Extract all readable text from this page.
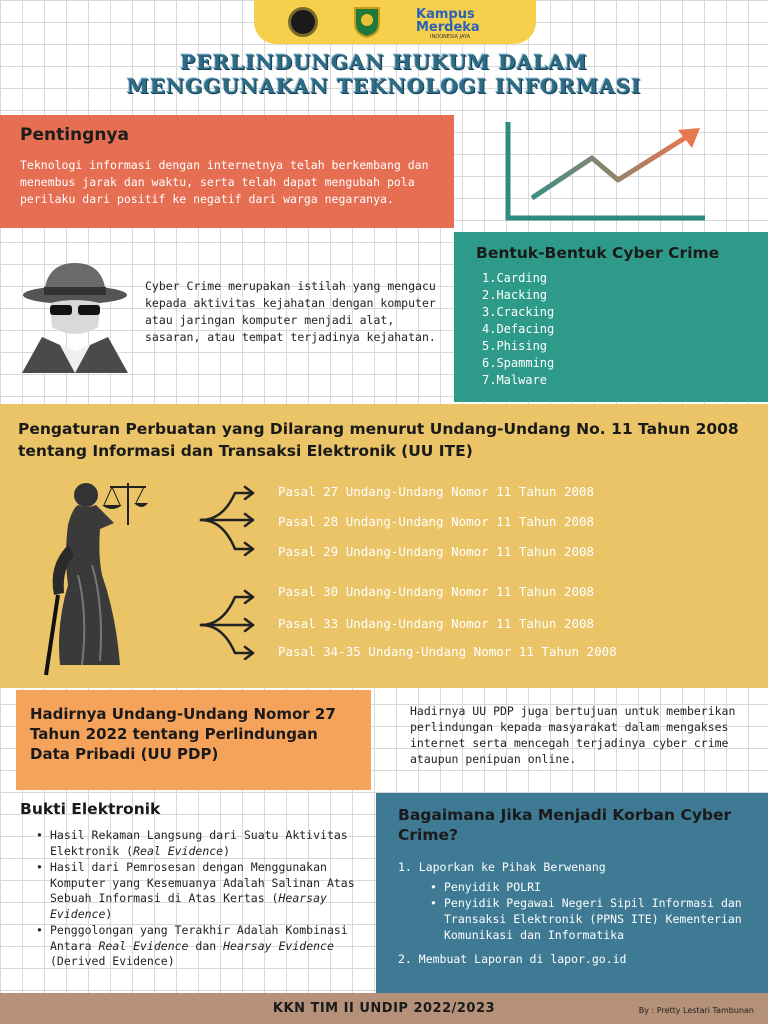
Kampus
Merdeka
INDONESIA JAYA
PERLINDUNGAN HUKUM DALAM
MENGGUNAKAN TEKNOLOGI INFORMASI
Pentingnya

Teknologi informasi dengan internetnya telah berkembang dan menembus jarak dan waktu, serta telah dapat mengubah pola perilaku dari positif ke negatif dari warga negaranya.

Cyber Crime merupakan istilah yang mengacu kepada aktivitas kejahatan dengan komputer atau jaringan komputer menjadi alat, sasaran, atau tempat terjadinya kejahatan.
Bentuk-Bentuk Cyber Crime
1.Carding
2.Hacking
3.Cracking
4.Defacing
5.Phising
6.Spamming
7.Malware
Pengaturan Perbuatan yang Dilarang menurut Undang-Undang No. 11 Tahun 2008 tentang Informasi dan Transaksi Elektronik (UU ITE)
Pasal 27 Undang-Undang Nomor 11 Tahun 2008
Pasal 28 Undang-Undang Nomor 11 Tahun 2008
Pasal 29 Undang-Undang Nomor 11 Tahun 2008
Pasal 30 Undang-Undang Nomor 11 Tahun 2008
Pasal 33 Undang-Undang Nomor 11 Tahun 2008
Pasal 34-35 Undang-Undang Nomor 11 Tahun 2008
Hadirnya Undang-Undang Nomor 27 Tahun 2022 tentang Perlindungan Data Pribadi (UU PDP)
Hadirnya UU PDP juga bertujuan untuk memberikan perlindungan kepada masyarakat dalam mengakses internet serta mencegah terjadinya cyber crime ataupun penipuan online.
Bukti Elektronik
• Hasil Rekaman Langsung dari Suatu Aktivitas Elektronik (Real Evidence)
• Hasil dari Pemrosesan dengan Menggunakan Komputer yang Kesemuanya Adalah Salinan Atas Sebuah Informasi di Atas Kertas (Hearsay Evidence)
• Penggolongan yang Terakhir Adalah Kombinasi Antara Real Evidence dan Hearsay Evidence (Derived Evidence)
Bagaimana Jika Menjadi Korban Cyber Crime?
1. Laporkan ke Pihak Berwenang
• Penyidik POLRI
• Penyidik Pegawai Negeri Sipil Informasi dan Transaksi Elektronik (PPNS ITE) Kementerian Komunikasi dan Informatika
2. Membuat Laporan di lapor.go.id
KKN TIM II UNDIP 2022/2023	By : Pretty Lestari Tambunan
